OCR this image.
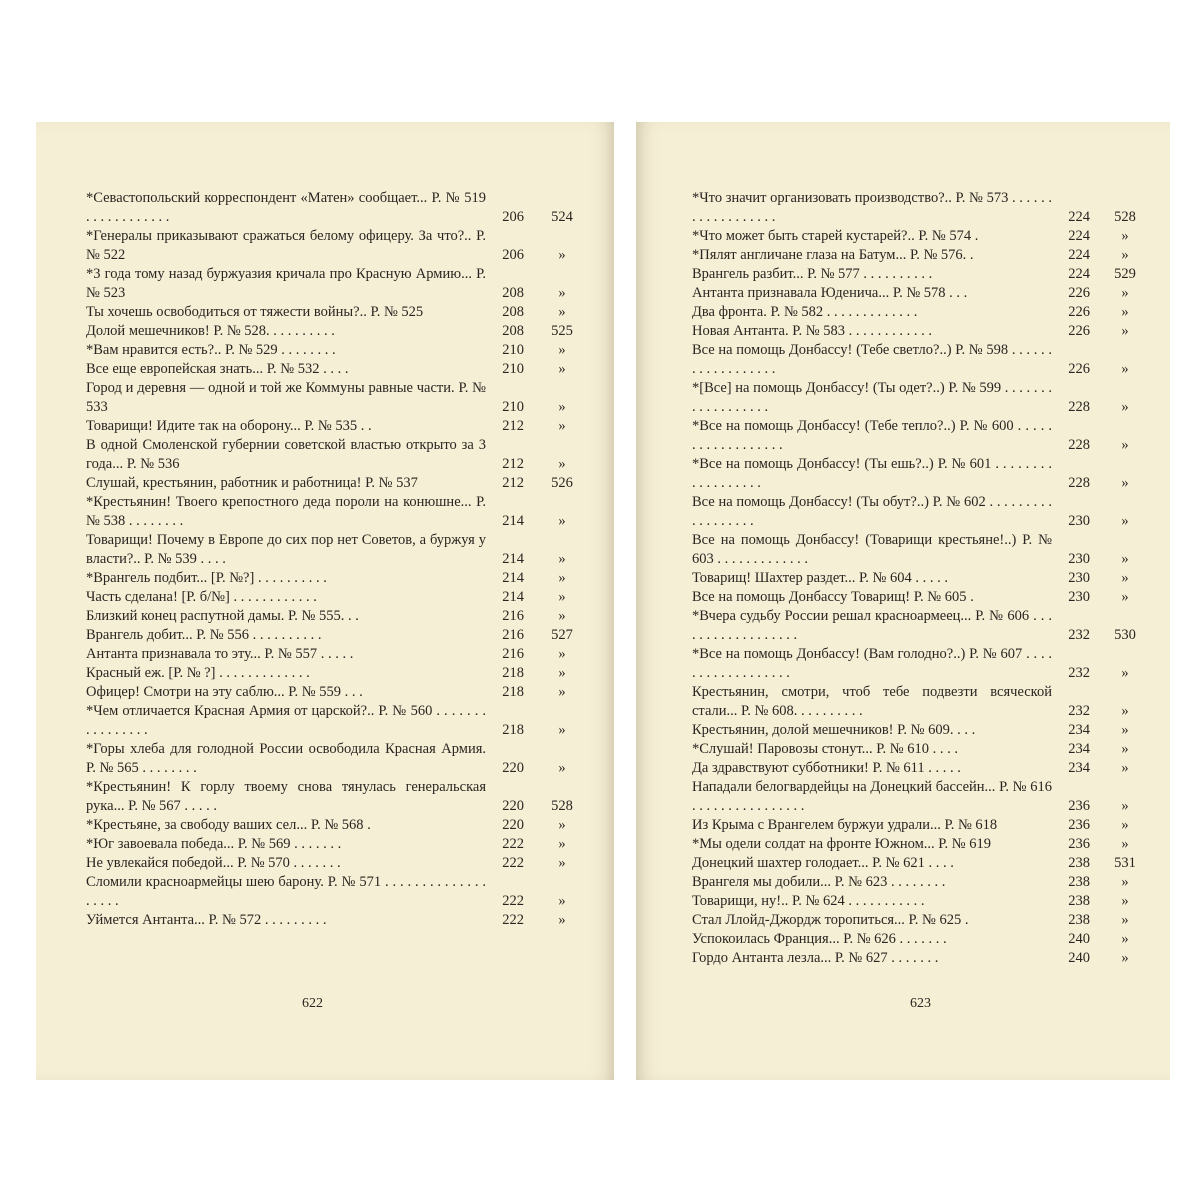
*Севастопольский корреспондент «Матен» сообщает... Р. № 519 . . . . . . . . . . . .	206	524
*Генералы приказывают сражаться белому офицеру. За что?.. Р. № 522	206	»
*3 года тому назад буржуазия кричала про Красную Армию... Р. № 523	208	»
Ты хочешь освободиться от тяжести войны?.. Р. № 525	208	»
Долой мешечников! Р. № 528. . . . . . . . . .	208	525
*Вам нравится есть?.. Р. № 529 . . . . . . . .	210	»
Все еще европейская знать... Р. № 532 . . . .	210	»
Город и деревня — одной и той же Коммуны равные части. Р. № 533	210	»
Товарищи! Идите так на оборону... Р. № 535 . .	212	»
В одной Смоленской губернии советской властью открыто за 3 года... Р. № 536	212	»
Слушай, крестьянин, работник и работница! Р. № 537	212	526
*Крестьянин! Твоего крепостного деда пороли на конюшне... Р. № 538 . . . . . . . .	214	»
Товарищи! Почему в Европе до сих пор нет Советов, а буржуя у власти?.. Р. № 539 . . . .	214	»
*Врангель подбит... [Р. №?] . . . . . . . . . .	214	»
Часть сделана! [Р. б/№] . . . . . . . . . . . .	214	»
Близкий конец распутной дамы. Р. № 555. . .	216	»
Врангель добит... Р. № 556 . . . . . . . . . .	216	527
Антанта признавала то эту... Р. № 557 . . . . .	216	»
Красный еж. [Р. № ?] . . . . . . . . . . . . .	218	»
Офицер! Смотри на эту саблю... Р. № 559 . . .	218	»
*Чем отличается Красная Армия от царской?.. Р. № 560 . . . . . . . . . . . . . . . .	218	»
*Горы хлеба для голодной России освободила Красная Армия. Р. № 565 . . . . . . . .	220	»
*Крестьянин! К горлу твоему снова тянулась генеральская рука... Р. № 567 . . . . .	220	528
*Крестьяне, за свободу ваших сел... Р. № 568 .	220	»
*Юг завоевала победа... Р. № 569 . . . . . . .	222	»
Не увлекайся победой... Р. № 570 . . . . . . .	222	»
Сломили красноармейцы шею барону. Р. № 571 . . . . . . . . . . . . . . . . . . .	222	»
Уймется Антанта... Р. № 572 . . . . . . . . .	222	»
622
*Что значит организовать производство?.. Р. № 573 . . . . . . . . . . . . . . . . . .	224	528
*Что может быть старей кустарей?.. Р. № 574 .	224	»
*Пялят англичане глаза на Батум... Р. № 576. .	224	»
Врангель разбит... Р. № 577 . . . . . . . . . .	224	529
Антанта признавала Юденича... Р. № 578 . . .	226	»
Два фронта. Р. № 582 . . . . . . . . . . . . .	226	»
Новая Антанта. Р. № 583 . . . . . . . . . . . .	226	»
Все на помощь Донбассу! (Тебе светло?..) Р. № 598 . . . . . . . . . . . . . . . . . .	226	»
*[Все] на помощь Донбассу! (Ты одет?..) Р. № 599 . . . . . . . . . . . . . . . . . .	228	»
*Все на помощь Донбассу! (Тебе тепло?..) Р. № 600 . . . . . . . . . . . . . . . . . .	228	»
*Все на помощь Донбассу! (Ты ешь?..) Р. № 601 . . . . . . . . . . . . . . . . . .	228	»
Все на помощь Донбассу! (Ты обут?..) Р. № 602 . . . . . . . . . . . . . . . . . .	230	»
Все на помощь Донбассу! (Товарищи крестьяне!..) Р. № 603 . . . . . . . . . . . . .	230	»
Товарищ! Шахтер раздет... Р. № 604 . . . . .	230	»
Все на помощь Донбассу Товарищ! Р. № 605 .	230	»
*Вчера судьбу России решал красноармеец... Р. № 606 . . . . . . . . . . . . . . . . . .	232	530
*Все на помощь Донбассу! (Вам голодно?..) Р. № 607 . . . . . . . . . . . . . . . . . .	232	»
Крестьянин, смотри, чтоб тебе подвезти всяческой стали... Р. № 608. . . . . . . . . .	232	»
Крестьянин, долой мешечников! Р. № 609. . . .	234	»
*Слушай! Паровозы стонут... Р. № 610 . . . .	234	»
Да здравствуют субботники! Р. № 611 . . . . .	234	»
Нападали белогвардейцы на Донецкий бассейн... Р. № 616 . . . . . . . . . . . . . . . .	236	»
Из Крыма с Врангелем буржуи удрали... Р. № 618	236	»
*Мы одели солдат на фронте Южном... Р. № 619	236	»
Донецкий шахтер голодает... Р. № 621 . . . .	238	531
Врангеля мы добили... Р. № 623 . . . . . . . .	238	»
Товарищи, ну!.. Р. № 624 . . . . . . . . . . .	238	»
Стал Ллойд-Джордж торопиться... Р. № 625 .	238	»
Успокоилась Франция... Р. № 626 . . . . . . .	240	»
Гордо Антанта лезла... Р. № 627 . . . . . . .	240	»
623
